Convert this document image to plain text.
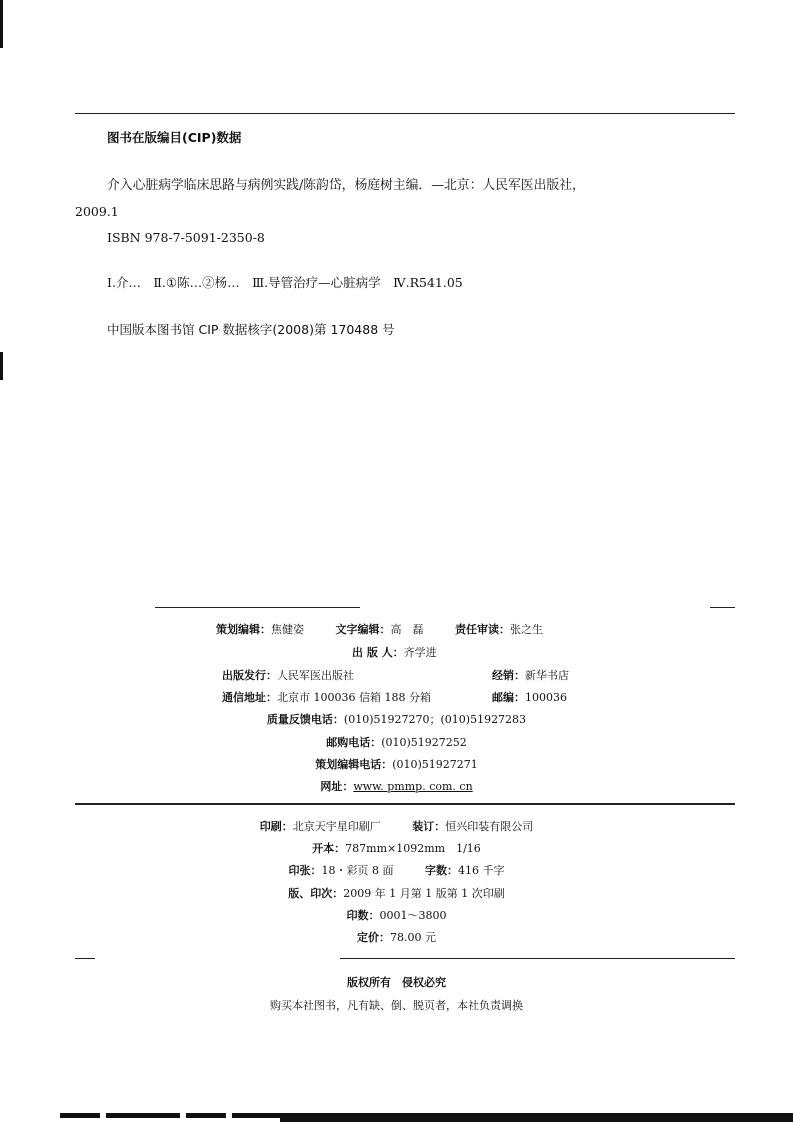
图书在版编目(CIP)数据
介入心脏病学临床思路与病例实践/陈韵岱，杨庭树主编．—北京：人民军医出版社，
2009.1
ISBN 978-7-5091-2350-8
Ⅰ.介…　Ⅱ.①陈…②杨…　Ⅲ.导管治疗—心脏病学　Ⅳ.R541.05
中国版本图书馆 CIP 数据核字(2008)第 170488 号
策划编辑：焦健姿	文字编辑：高　磊	责任审读：张之生
出 版 人：齐学进
出版发行：人民军医出版社	经销：新华书店
通信地址：北京市 100036 信箱 188 分箱	邮编：100036
质量反馈电话：(010)51927270；(010)51927283
邮购电话：(010)51927252
策划编辑电话：(010)51927271
网址：www. pmmp. com. cn
印刷：北京天宇星印刷厂	装订：恒兴印装有限公司
开本：787mm×1092mm　1/16
印张：18・彩页 8 面	字数：416 千字
版、印次：2009 年 1 月第 1 版第 1 次印刷
印数：0001～3800
定价：78.00 元
版权所有　侵权必究
购买本社图书，凡有缺、倒、脱页者，本社负责调换
